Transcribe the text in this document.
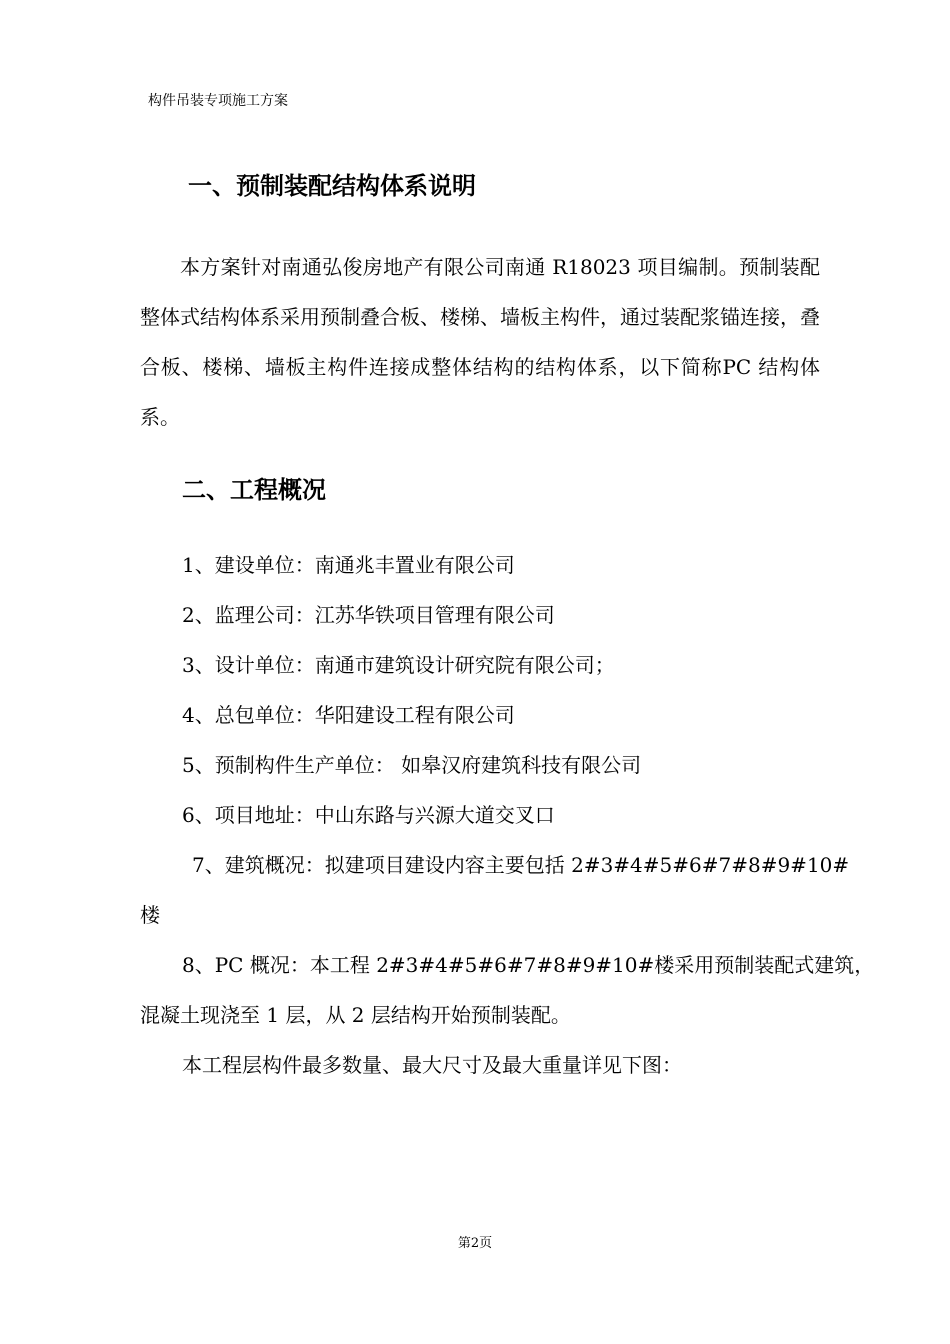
构件吊装专项施工方案
一、预制装配结构体系说明
本方案针对南通弘俊房地产有限公司南通 R18023 项目编制。预制装配整体式结构体系采用预制叠合板、楼梯、墙板主构件，通过装配浆锚连接，叠合板、楼梯、墙板主构件连接成整体结构的结构体系，以下简称PC 结构体系。
二、工程概况
1、建设单位：南通兆丰置业有限公司
2、监理公司：江苏华铁项目管理有限公司
3、设计单位：南通市建筑设计研究院有限公司；
4、总包单位：华阳建设工程有限公司
5、预制构件生产单位： 如皋汉府建筑科技有限公司
6、项目地址：中山东路与兴源大道交叉口
7、建筑概况：拟建项目建设内容主要包括 2#3#4#5#6#7#8#9#10#
楼
8、PC 概况：本工程 2#3#4#5#6#7#8#9#10#楼采用预制装配式建筑，
混凝土现浇至 1 层，从 2 层结构开始预制装配。
本工程层构件最多数量、最大尺寸及最大重量详见下图：
第2页
